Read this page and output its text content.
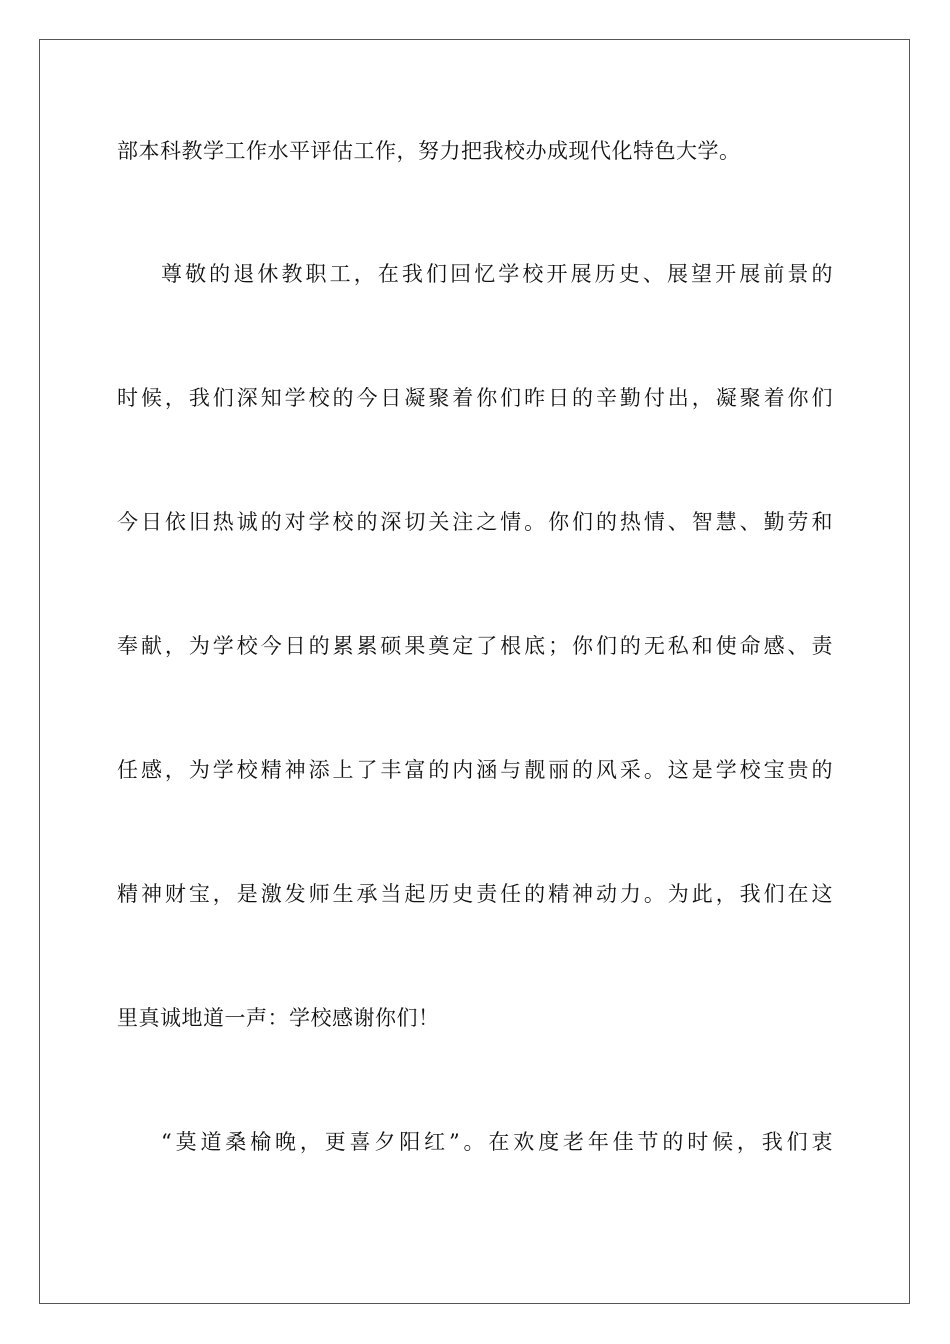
部本科教学工作水平评估工作，努力把我校办成现代化特色大学。
尊敬的退休教职工，在我们回忆学校开展历史、展望开展前景的
时候，我们深知学校的今日凝聚着你们昨日的辛勤付出，凝聚着你们
今日依旧热诚的对学校的深切关注之情。你们的热情、智慧、勤劳和
奉献，为学校今日的累累硕果奠定了根底；你们的无私和使命感、责
任感，为学校精神添上了丰富的内涵与靓丽的风采。这是学校宝贵的
精神财宝，是激发师生承当起历史责任的精神动力。为此，我们在这
里真诚地道一声：学校感谢你们！
“莫道桑榆晚，更喜夕阳红”。在欢度老年佳节的时候，我们衷
